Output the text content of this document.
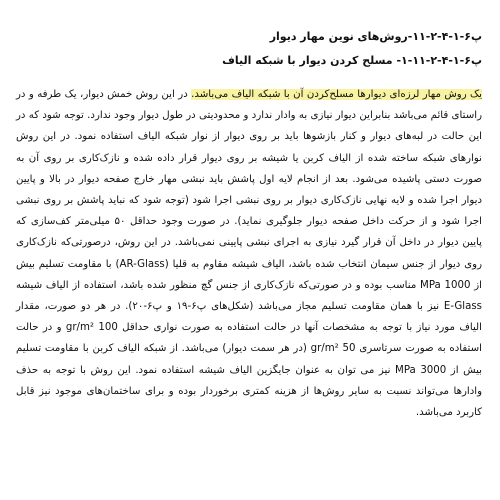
پ۶-۱-۴-۲-۱۱-روش‌های نوین مهار دیوار
پ۶-۱-۴-۲-۱۱-۱- مسلح کردن دیوار با شبکه الیاف

یک روش مهار لرزه‌ای دیوارها مسلح‌کردن آن با شبکه الیاف می‌باشد. در این روش خمش دیوار، یک طرفه و در راستای قائم می‌باشد بنابراین دیوار نیازی به وادار ندارد و محدودیتی در طول دیوار وجود ندارد. توجه شود که در این حالت در لبه‌های دیوار و کنار بازشوها باید بر روی دیوار از نوار شبکه الیاف استفاده نمود. در این روش نوارهای شبکه ساخته شده از الیاف کربن یا شیشه بر روی دیوار قرار داده شده و نازک‌کاری بر روی آن به صورت دستی پاشیده می‌شود. بعد از انجام لایه اول پاشش باید نبشی مهار خارج صفحه دیوار در بالا و پایین دیوار اجرا شده و لایه نهایی نازک‌کاری دیوار بر روی نبشی اجرا شود (توجه شود که نباید پاشش بر روی نبشی اجرا شود و از حرکت داخل صفحه دیوار جلوگیری نماید). در صورت وجود حداقل ۵۰ میلی‌متر کف‌سازی که پایین دیوار در داخل آن قرار گیرد نیازی به اجرای نبشی پایینی نمی‌باشد. در این روش، درصورتی‌که نازک‌کاری روی دیوار از جنس سیمان انتخاب شده باشد، الیاف شیشه مقاوم به قلیا (AR-Glass) با مقاومت تسلیم بیش از 1000 MPa مناسب بوده و در صورتی‌که نازک‌کاری از جنس گچ منظور شده باشد، استفاده از الیاف شیشه E-Glass نیز با همان مقاومت تسلیم مجاز می‌باشد (شکل‌های پ۶-۱۹ و پ۶-۲۰). در هر دو صورت، مقدار الیاف مورد نیاز با توجه به مشخصات آنها در حالت استفاده به صورت نواری حداقل 100 gr/m² و در حالت استفاده به صورت سرتاسری 50 gr/m² (در هر سمت دیوار) می‌باشد. از شبکه الیاف کربن با مقاومت تسلیم بیش از 3000 MPa نیز می توان به عنوان جایگزین الیاف شیشه استفاده نمود. این روش با توجه به حذف وادارها می‌تواند نسبت به سایر روش‌ها از هزینه کمتری برخوردار بوده و برای ساختمان‌های موجود نیز قابل کاربرد می‌باشد.
